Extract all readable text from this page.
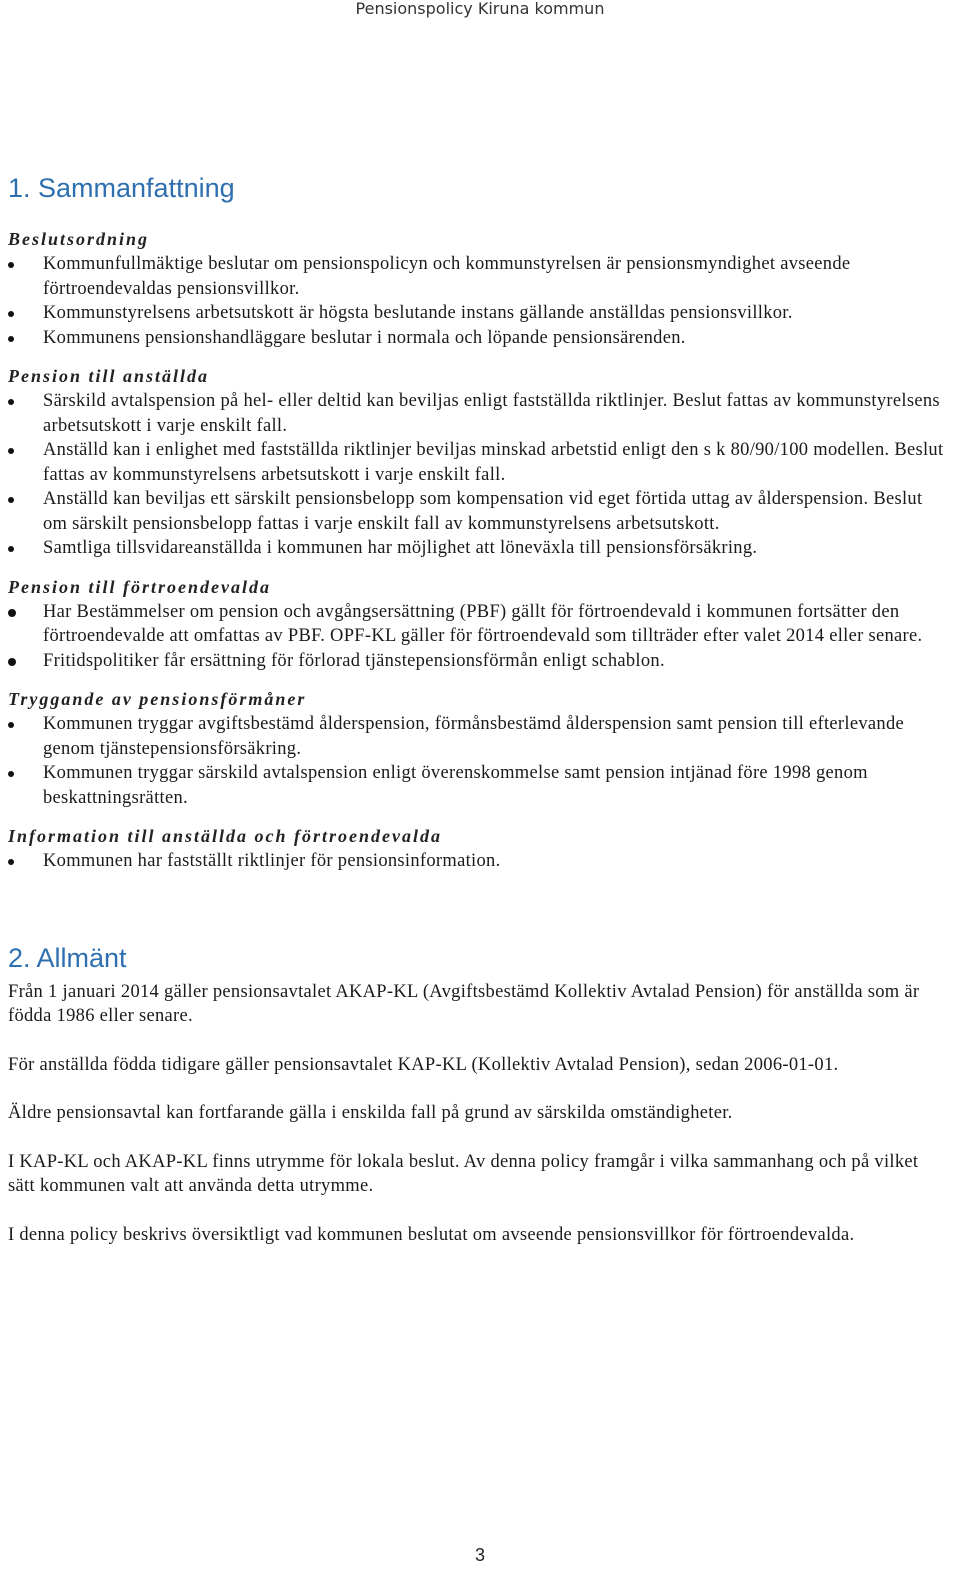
Pensionspolicy Kiruna kommun
1. Sammanfattning
Beslutsordning
Kommunfullmäktige beslutar om pensionspolicyn och kommunstyrelsen är pensionsmyndighet avseende förtroendevaldas pensionsvillkor.
Kommunstyrelsens arbetsutskott är högsta beslutande instans gällande anställdas pensionsvillkor.
Kommunens pensionshandläggare beslutar i normala och löpande pensionsärenden.
Pension till anställda
Särskild avtalspension på hel- eller deltid kan beviljas enligt fastställda riktlinjer. Beslut fattas av kommunstyrelsens arbetsutskott i varje enskilt fall.
Anställd kan i enlighet med fastställda riktlinjer beviljas minskad arbetstid enligt den s k 80/90/100 modellen. Beslut fattas av kommunstyrelsens arbetsutskott i varje enskilt fall.
Anställd kan beviljas ett särskilt pensionsbelopp som kompensation vid eget förtida uttag av ålderspension. Beslut om särskilt pensionsbelopp fattas i varje enskilt fall av kommunstyrelsens arbetsutskott.
Samtliga tillsvidareanställda i kommunen har möjlighet att löneväxla till pensionsförsäkring.
Pension till förtroendevalda
Har Bestämmelser om pension och avgångsersättning (PBF) gällt för förtroendevald i kommunen fortsätter den förtroendevalde att omfattas av PBF. OPF-KL gäller för förtroendevald som tillträder efter valet 2014 eller senare.
Fritidspolitiker får ersättning för förlorad tjänstepensionsförmån enligt schablon.
Tryggande av pensionsförmåner
Kommunen tryggar avgiftsbestämd ålderspension, förmånsbestämd ålderspension samt pension till efterlevande genom tjänstepensionsförsäkring.
Kommunen tryggar särskild avtalspension enligt överenskommelse samt pension intjänad före 1998 genom beskattningsrätten.
Information till anställda och förtroendevalda
Kommunen har fastställt riktlinjer för pensionsinformation.
2. Allmänt

Från 1 januari 2014 gäller pensionsavtalet AKAP-KL (Avgiftsbestämd Kollektiv Avtalad Pension) för anställda som är födda 1986 eller senare.

För anställda födda tidigare gäller pensionsavtalet KAP-KL (Kollektiv Avtalad Pension), sedan 2006-01-01.

Äldre pensionsavtal kan fortfarande gälla i enskilda fall på grund av särskilda omständigheter.

I KAP-KL och AKAP-KL finns utrymme för lokala beslut. Av denna policy framgår i vilka sammanhang och på vilket sätt kommunen valt att använda detta utrymme.

I denna policy beskrivs översiktligt vad kommunen beslutat om avseende pensionsvillkor för förtroendevalda.

3
